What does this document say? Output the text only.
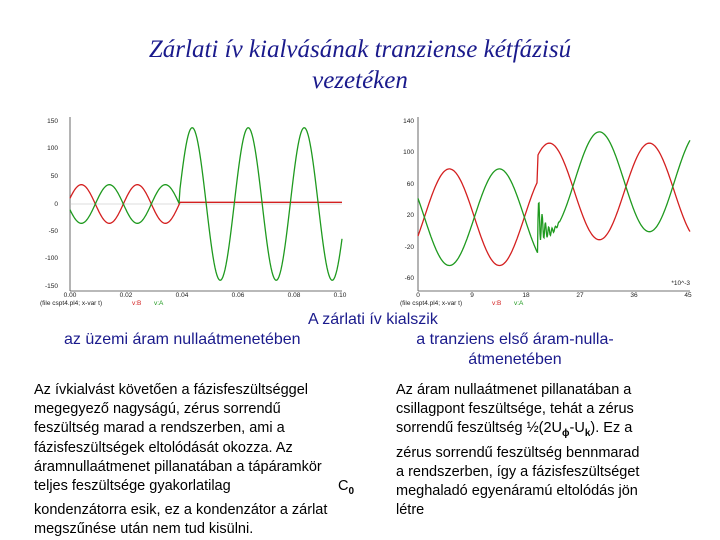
Zárlati ív kialvásának tranziense kétfázisú
vezetéken
150
100
50
0
-50
-100
-150
0.00	0.02	0.04	0.06	0.08	0.10
(file cspt4.pl4; x-var t)	v:B v:A
140
100
60
20
-20
-60
0	9	18	27	36	45
*10^-3
(file cspt4.pl4; x-var t)	v:B v:A
A zárlati ív kialszik
az üzemi áram nullaátmenetében	a tranziens első áram-nulla-
átmenetében
Az ívkialvást követően a fázisfeszültséggel
megegyező nagyságú, zérus sorrendű
feszültség marad a rendszerben, ami a
fázisfeszültségek eltolódását okozza. Az
áramnullaátmenet pillanatában a tápáramkör
teljes feszültsége gyakorlatilag	$C_0$
kondenzátorra esik, ez a kondenzátor a zárlat
megszűnése után nem tud kisülni.
Az áram nullaátmenet pillanatában a
csillagpont feszültsége, tehát a zérus
sorrendű feszültség $\frac{1}{2}(2U_\phi-U_k)$. Ez a
zérus sorrendű feszültség bennmarad
a rendszerben, így a fázisfeszültséget
meghaladó egyenáramú eltolódás jön
létre
